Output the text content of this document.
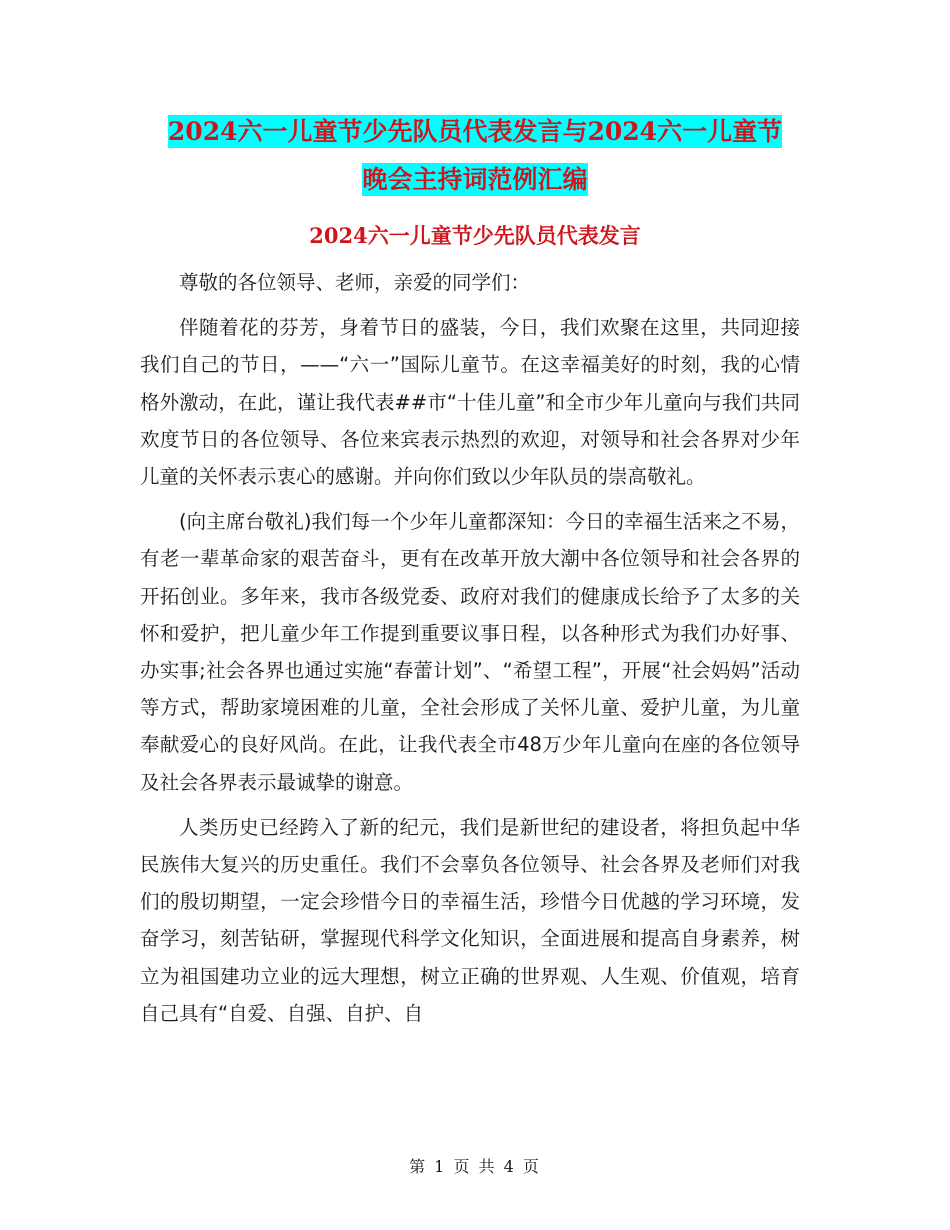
2024六一儿童节少先队员代表发言与2024六一儿童节
晚会主持词范例汇编
2024六一儿童节少先队员代表发言

尊敬的各位领导、老师，亲爱的同学们：

伴随着花的芬芳，身着节日的盛装，今日，我们欢聚在这里，共同迎接我们自己的节日，——“六一”国际儿童节。在这幸福美好的时刻，我的心情格外激动，在此，谨让我代表##市“十佳儿童”和全市少年儿童向与我们共同欢度节日的各位领导、各位来宾表示热烈的欢迎，对领导和社会各界对少年儿童的关怀表示衷心的感谢。并向你们致以少年队员的崇高敬礼。

(向主席台敬礼)我们每一个少年儿童都深知：今日的幸福生活来之不易，有老一辈革命家的艰苦奋斗，更有在改革开放大潮中各位领导和社会各界的开拓创业。多年来，我市各级党委、政府对我们的健康成长给予了太多的关怀和爱护，把儿童少年工作提到重要议事日程，以各种形式为我们办好事、办实事;社会各界也通过实施“春蕾计划”、“希望工程”，开展“社会妈妈”活动等方式，帮助家境困难的儿童，全社会形成了关怀儿童、爱护儿童，为儿童奉献爱心的良好风尚。在此，让我代表全市48万少年儿童向在座的各位领导及社会各界表示最诚挚的谢意。

人类历史已经跨入了新的纪元，我们是新世纪的建设者，将担负起中华民族伟大复兴的历史重任。我们不会辜负各位领导、社会各界及老师们对我们的殷切期望，一定会珍惜今日的幸福生活，珍惜今日优越的学习环境，发奋学习，刻苦钻研，掌握现代科学文化知识，全面进展和提高自身素养，树立为祖国建功立业的远大理想，树立正确的世界观、人生观、价值观，培育自己具有“自爱、自强、自护、自

第 1 页 共 4 页
